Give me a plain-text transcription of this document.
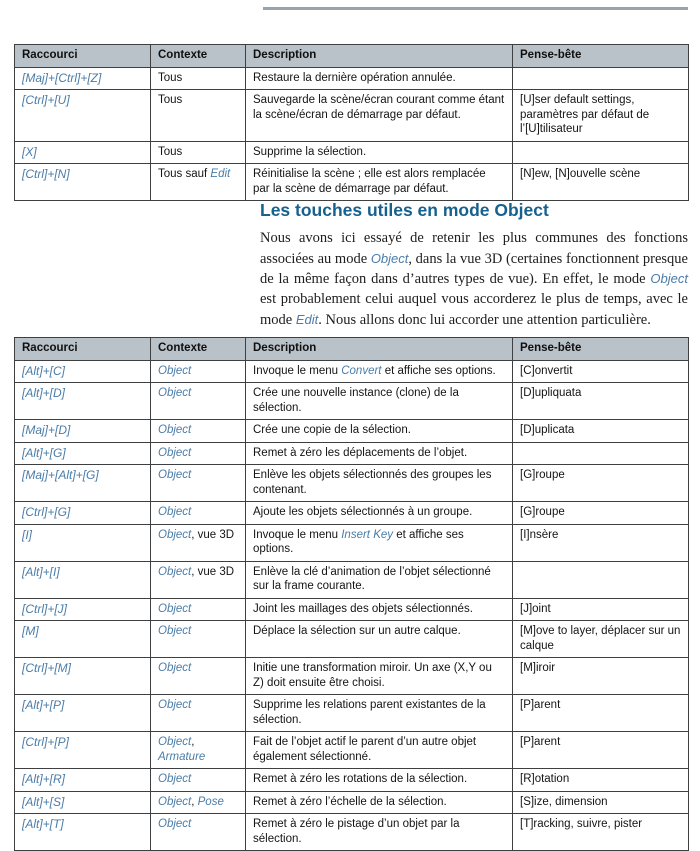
Raccourci	Contexte	Description	Pense-bête
[Maj]+[Ctrl]+[Z]	Tous	Restaure la dernière opération annulée.	
[Ctrl]+[U]	Tous	Sauvegarde la scène/écran courant comme étant la scène/écran de démarrage par défaut.	[U]ser default settings, paramètres par défaut de l’[U]tilisateur
[X]	Tous	Supprime la sélection.	
[Ctrl]+[N]	Tous sauf Edit	Réinitialise la scène ; elle est alors remplacée par la scène de démarrage par défaut.	[N]ew, [N]ouvelle scène
Les touches utiles en mode Object

Nous avons ici essayé de retenir les plus communes des fonctions associées au mode Object, dans la vue 3D (certaines fonctionnent presque de la même façon dans d’autres types de vue). En effet, le mode Object est probablement celui auquel vous accorderez le plus de temps, avec le mode Edit. Nous allons donc lui accorder une attention particulière.

Raccourci	Contexte	Description	Pense-bête
[Alt]+[C]	Object	Invoque le menu Convert et affiche ses options.	[C]onvertit
[Alt]+[D]	Object	Crée une nouvelle instance (clone) de la sélection.	[D]upliquata
[Maj]+[D]	Object	Crée une copie de la sélection.	[D]uplicata
[Alt]+[G]	Object	Remet à zéro les déplacements de l’objet.	
[Maj]+[Alt]+[G]	Object	Enlève les objets sélectionnés des groupes les contenant.	[G]roupe
[Ctrl]+[G]	Object	Ajoute les objets sélectionnés à un groupe.	[G]roupe
[I]	Object, vue 3D	Invoque le menu Insert Key et affiche ses options.	[I]nsère
[Alt]+[I]	Object, vue 3D	Enlève la clé d’animation de l’objet sélectionné sur la frame courante.	
[Ctrl]+[J]	Object	Joint les maillages des objets sélectionnés.	[J]oint
[M]	Object	Déplace la sélection sur un autre calque.	[M]ove to layer, déplacer sur un calque
[Ctrl]+[M]	Object	Initie une transformation miroir. Un axe (X,Y ou Z) doit ensuite être choisi.	[M]iroir
[Alt]+[P]	Object	Supprime les relations parent existantes de la sélection.	[P]arent
[Ctrl]+[P]	Object, Armature	Fait de l’objet actif le parent d’un autre objet également sélectionné.	[P]arent
[Alt]+[R]	Object	Remet à zéro les rotations de la sélection.	[R]otation
[Alt]+[S]	Object, Pose	Remet à zéro l’échelle de la sélection.	[S]ize, dimension
[Alt]+[T]	Object	Remet à zéro le pistage d’un objet par la sélection.	[T]racking, suivre, pister
